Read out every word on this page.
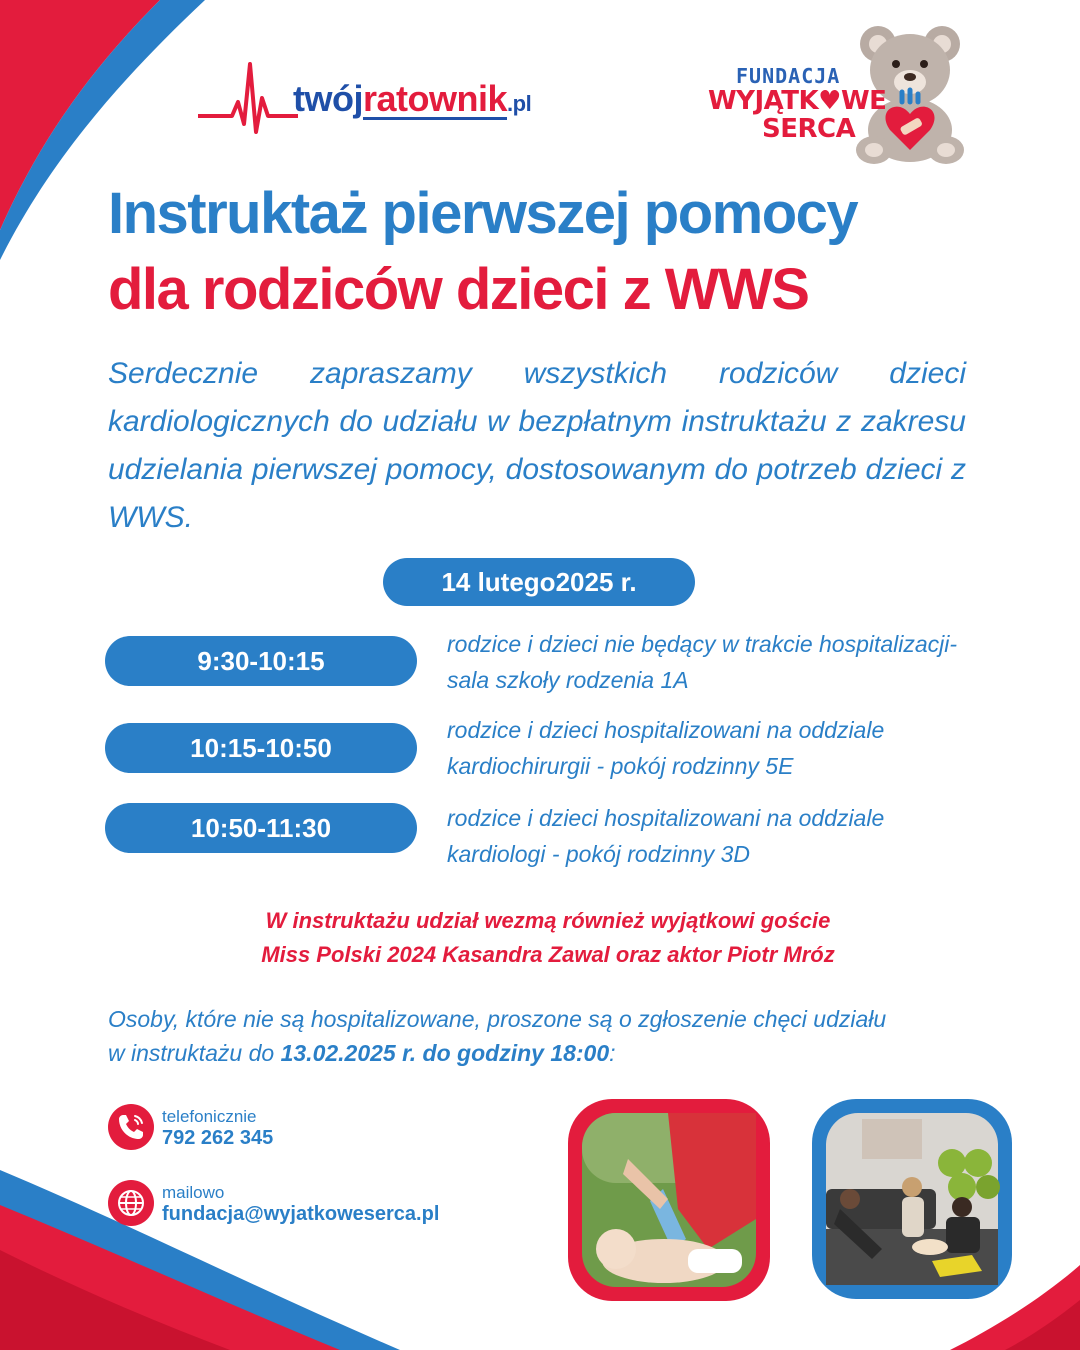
twójratownik.pl
FUNDACJA
WYJĄTK♥WE
SERCA
Instruktaż pierwszej pomocy
dla rodziców dzieci z WWS
Serdecznie zapraszamy wszystkich rodziców dzieci kardiologicznych do udziału w bezpłatnym instruktażu z zakresu udzielania pierwszej pomocy, dostosowanym do potrzeb dzieci z WWS.
14 lutego2025 r.
9:30-10:15
rodzice i dzieci nie będący w trakcie hospitalizacji-
sala szkoły rodzenia 1A
10:15-10:50
rodzice i dzieci hospitalizowani na oddziale
kardiochirurgii - pokój rodzinny 5E
10:50-11:30	rodzice i dzieci hospitalizowani na oddziale
kardiologi - pokój rodzinny 3D
W instruktażu udział wezmą również wyjątkowi goście
Miss Polski 2024 Kasandra Zawal oraz aktor Piotr Mróz
Osoby, które nie są hospitalizowane, proszone są o zgłoszenie chęci udziału
w instruktażu do 13.02.2025 r. do godziny 18:00:
telefonicznie
792 262 345
mailowo
fundacja@wyjatkoweserca.pl
